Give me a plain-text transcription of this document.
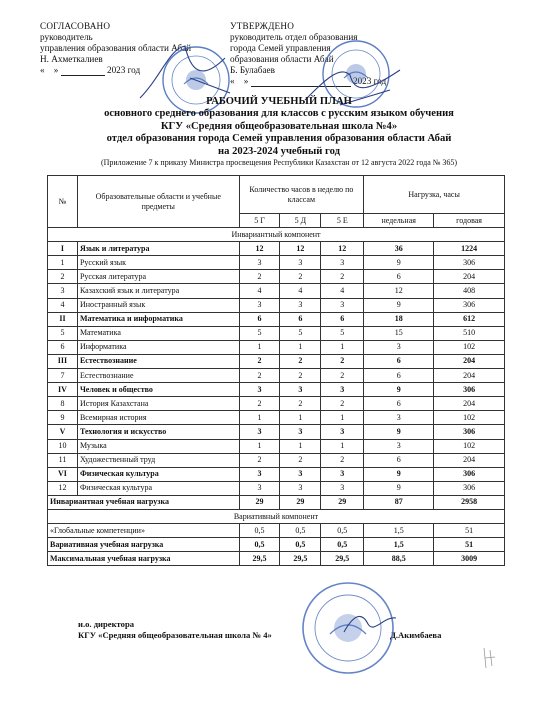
СОГЛАСОВАНО
руководитель
управления образования области Абай
Н. Ахметкалиев
«    »	2023 год
УТВЕРЖДЕНО
руководитель отдел образования
города Семей управления
образования области Абай
Б. Булабаев
«    »	2023 год
РАБОЧИЙ УЧЕБНЫЙ ПЛАН
основного среднего образования для классов с русским языком обучения
КГУ «Средняя общеобразовательная школа №4»
отдел образования города Семей управления образования области Абай
на 2023-2024 учебный год
(Приложение 7 к приказу Министра просвещения Республики Казахстан от 12 августа 2022 года № 365)
№	Образовательные области и учебные предметы	Количество часов в неделю по классам			Нагрузка, часы	
		5 Г	5 Д	5 Е	недельная	годовая
Инвариантный компонент						
I	Язык и литература	12	12	12	36	1224
1	Русский язык	3	3	3	9	306
2	Русская литература	2	2	2	6	204
3	Казахский язык и литература	4	4	4	12	408
4	Иностранный язык	3	3	3	9	306
II	Математика и информатика	6	6	6	18	612
5	Математика	5	5	5	15	510
6	Информатика	1	1	1	3	102
III	Естествознание	2	2	2	6	204
7	Естествознание	2	2	2	6	204
IV	Человек и общество	3	3	3	9	306
8	История Казахстана	2	2	2	6	204
9	Всемирная история	1	1	1	3	102
V	Технология и искусство	3	3	3	9	306
10	Музыка	1	1	1	3	102
11	Художественный труд	2	2	2	6	204
VI	Физическая культура	3	3	3	9	306
12	Физическая культура	3	3	3	9	306
Инвариантная учебная нагрузка		29	29	29	87	2958
Вариативный компонент						
«Глобальные компетенции»		0,5	0,5	0,5	1,5	51
Вариативная учебная нагрузка		0,5	0,5	0,5	1,5	51
Максимальная учебная нагрузка		29,5	29,5	29,5	88,5	3009
и.о. директора
КГУ «Средняя общеобразовательная школа № 4»	Д.Акимбаева
